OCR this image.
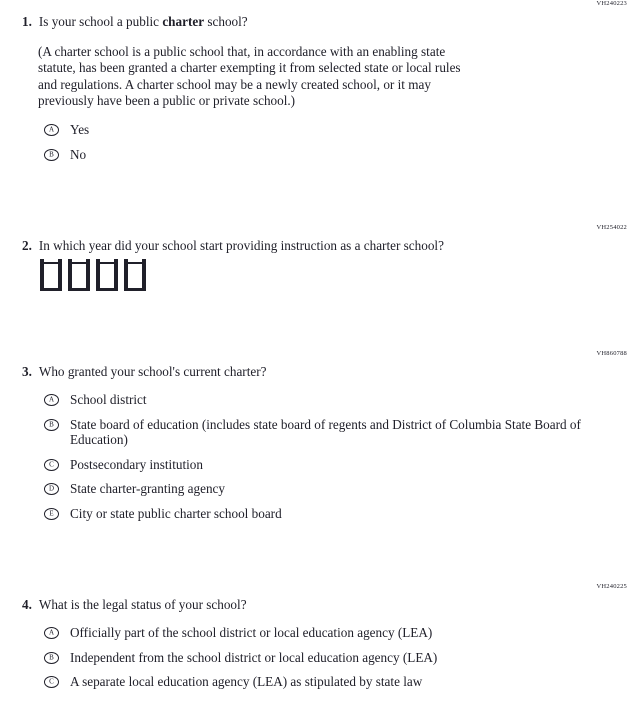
VH240223
1. Is your school a public charter school?
(A charter school is a public school that, in accordance with an enabling state
statute, has been granted a charter exempting it from selected state or local rules
and regulations. A charter school may be a newly created school, or it may
previously have been a public or private school.)
A Yes
B No
VH254022
2. In which year did your school start providing instruction as a charter school?
VH860788
3. Who granted your school's current charter?
A School district
B State board of education (includes state board of regents and District of Columbia State Board of Education)
C Postsecondary institution
D State charter-granting agency
E City or state public charter school board
VH240225
4. What is the legal status of your school?
A Officially part of the school district or local education agency (LEA)
B Independent from the school district or local education agency (LEA)
C A separate local education agency (LEA) as stipulated by state law
